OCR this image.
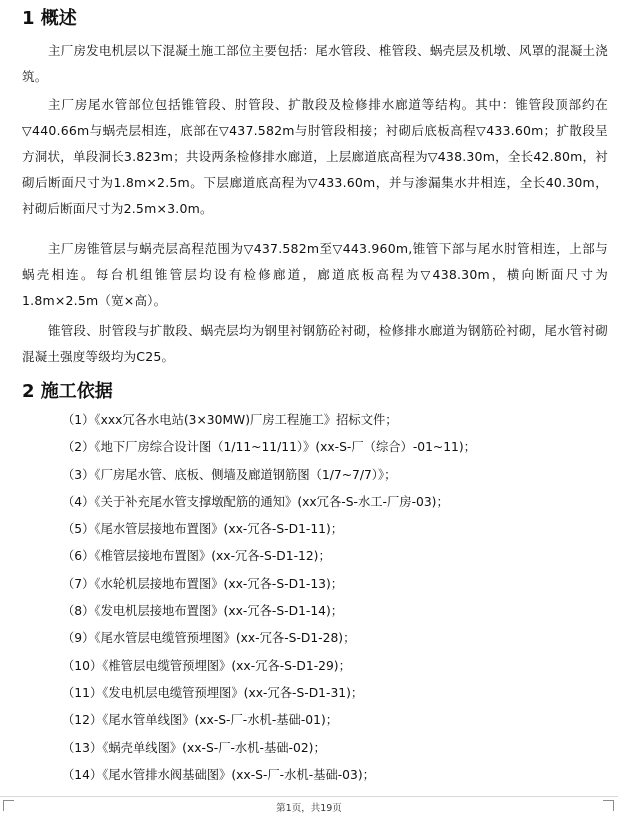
1 概述

主厂房发电机层以下混凝土施工部位主要包括：尾水管段、椎管段、蜗壳层及机墩、风罩的混凝土浇筑。

主厂房尾水管部位包括锥管段、肘管段、扩散段及检修排水廊道等结构。其中：锥管段顶部约在▽440.66m与蜗壳层相连，底部在▽437.582m与肘管段相接；衬砌后底板高程▽433.60m；扩散段呈方洞状，单段洞长3.823m；共设两条检修排水廊道，上层廊道底高程为▽438.30m，全长42.80m，衬砌后断面尺寸为1.8m×2.5m。下层廊道底高程为▽433.60m，并与渗漏集水井相连，全长40.30m，衬砌后断面尺寸为2.5m×3.0m。

主厂房锥管层与蜗壳层高程范围为▽437.582m至▽443.960m,锥管下部与尾水肘管相连，上部与蜗壳相连。每台机组锥管层均设有检修廊道，廊道底板高程为▽438.30m，横向断面尺寸为1.8m×2.5m（宽×高）。

锥管段、肘管段与扩散段、蜗壳层均为钢里衬钢筋砼衬砌，检修排水廊道为钢筋砼衬砌，尾水管衬砌混凝土强度等级均为C25。

2 施工依据
（1）《xxx冗各水电站(3×30MW)厂房工程施工》招标文件；
（2）《地下厂房综合设计图（1/11~11/11）》(xx-S-厂（综合）-01~11)；
（3）《厂房尾水管、底板、侧墙及廊道钢筋图（1/7~7/7）》；
（4）《关于补充尾水管支撑墩配筋的通知》(xx冗各-S-水工-厂房-03)；
（5）《尾水管层接地布置图》(xx-冗各-S-D1-11)；
（6）《椎管层接地布置图》(xx-冗各-S-D1-12)；
（7）《水轮机层接地布置图》(xx-冗各-S-D1-13)；
（8）《发电机层接地布置图》(xx-冗各-S-D1-14)；
（9）《尾水管层电缆管预埋图》(xx-冗各-S-D1-28)；
（10）《椎管层电缆管预埋图》(xx-冗各-S-D1-29)；
（11）《发电机层电缆管预埋图》(xx-冗各-S-D1-31)；
（12）《尾水管单线图》(xx-S-厂-水机-基础-01)；
（13）《蜗壳单线图》(xx-S-厂-水机-基础-02)；
（14）《尾水管排水阀基础图》(xx-S-厂-水机-基础-03)；
第1页，共19页
